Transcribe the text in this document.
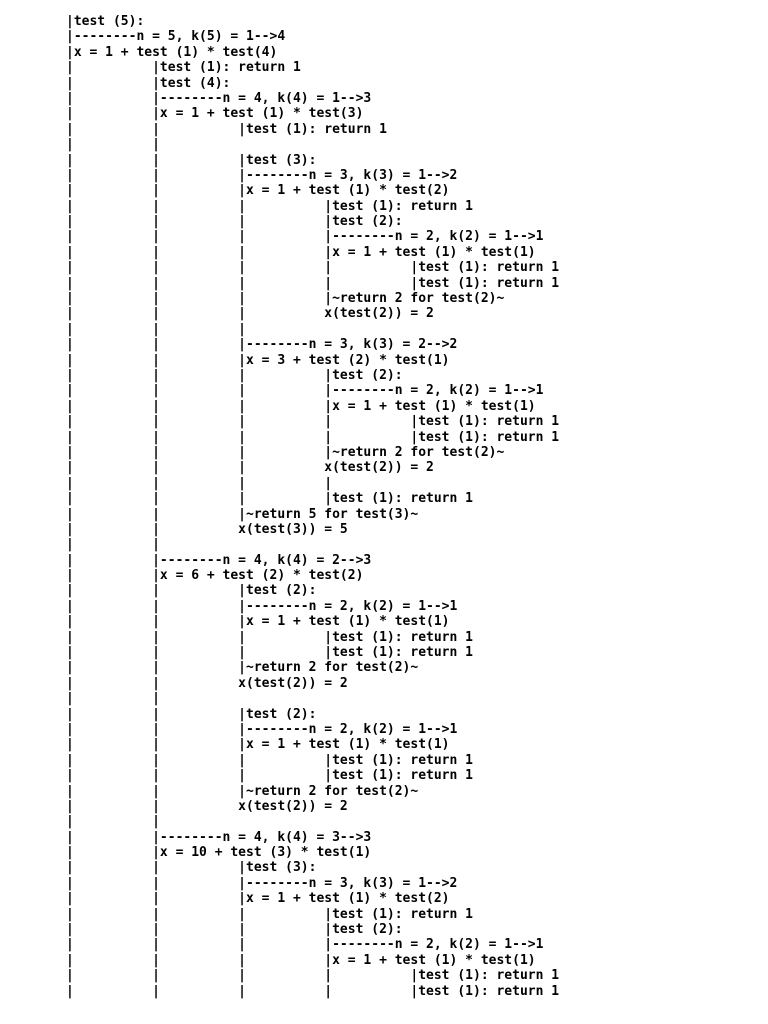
|test (5):
|--------n = 5, k(5) = 1-->4
|x = 1 + test (1) * test(4)
|          |test (1): return 1
|          |test (4):
|          |--------n = 4, k(4) = 1-->3
|          |x = 1 + test (1) * test(3)
|          |          |test (1): return 1
|          |
|          |          |test (3):
|          |          |--------n = 3, k(3) = 1-->2
|          |          |x = 1 + test (1) * test(2)
|          |          |          |test (1): return 1
|          |          |          |test (2):
|          |          |          |--------n = 2, k(2) = 1-->1
|          |          |          |x = 1 + test (1) * test(1)
|          |          |          |          |test (1): return 1
|          |          |          |          |test (1): return 1
|          |          |          |~return 2 for test(2)~
|          |          |          x(test(2)) = 2
|          |          |
|          |          |--------n = 3, k(3) = 2-->2
|          |          |x = 3 + test (2) * test(1)
|          |          |          |test (2):
|          |          |          |--------n = 2, k(2) = 1-->1
|          |          |          |x = 1 + test (1) * test(1)
|          |          |          |          |test (1): return 1
|          |          |          |          |test (1): return 1
|          |          |          |~return 2 for test(2)~
|          |          |          x(test(2)) = 2
|          |          |          |
|          |          |          |test (1): return 1
|          |          |~return 5 for test(3)~
|          |          x(test(3)) = 5
|          |
|          |--------n = 4, k(4) = 2-->3
|          |x = 6 + test (2) * test(2)
|          |          |test (2):
|          |          |--------n = 2, k(2) = 1-->1
|          |          |x = 1 + test (1) * test(1)
|          |          |          |test (1): return 1
|          |          |          |test (1): return 1
|          |          |~return 2 for test(2)~
|          |          x(test(2)) = 2
|          |
|          |          |test (2):
|          |          |--------n = 2, k(2) = 1-->1
|          |          |x = 1 + test (1) * test(1)
|          |          |          |test (1): return 1
|          |          |          |test (1): return 1
|          |          |~return 2 for test(2)~
|          |          x(test(2)) = 2
|          |
|          |--------n = 4, k(4) = 3-->3
|          |x = 10 + test (3) * test(1)
|          |          |test (3):
|          |          |--------n = 3, k(3) = 1-->2
|          |          |x = 1 + test (1) * test(2)
|          |          |          |test (1): return 1
|          |          |          |test (2):
|          |          |          |--------n = 2, k(2) = 1-->1
|          |          |          |x = 1 + test (1) * test(1)
|          |          |          |          |test (1): return 1
|          |          |          |          |test (1): return 1
